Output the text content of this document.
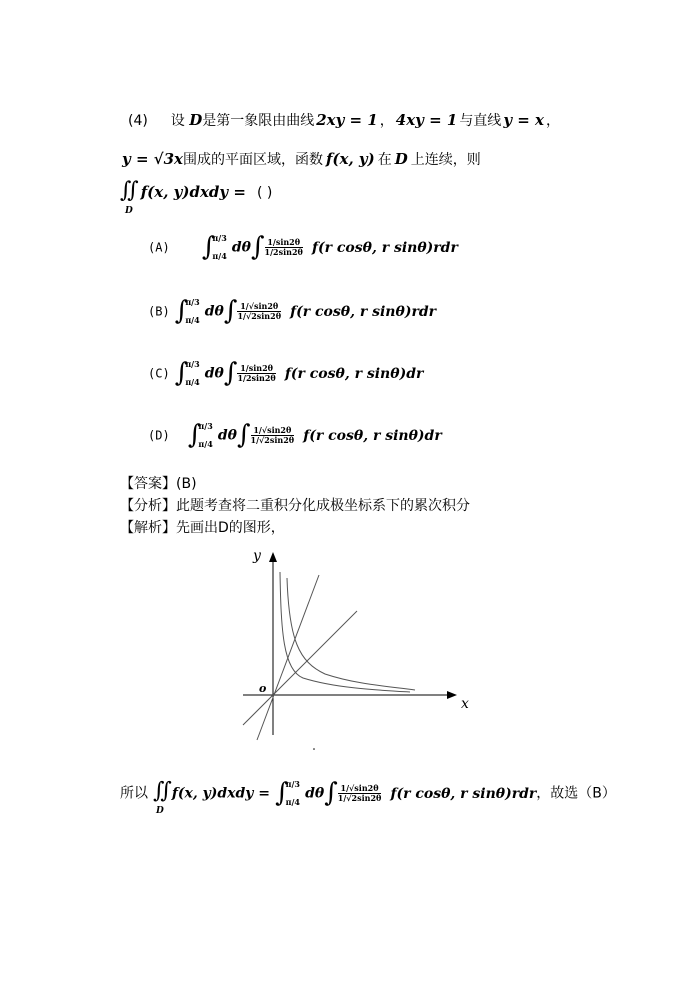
(4) 设 D是第一象限由曲线 2xy = 1 ， 4xy = 1 与直线 y = x ，
y = √3x围成的平面区域，函数 f(x, y) 在 D 上连续，则
∬ f(x, y)dxdy = ( )
D
(A) ∫
π/3
π/4
$d\theta\int \frac{1/\sin 2\theta}{1/2\sin 2\theta} f(r$ cosθ, r sinθ)rdr
(B) ∫
π/3
π/4
$d\theta\int \frac{1/√\sin 2\theta}{1/√2\sin 2\theta} f(r$ cosθ, r sinθ)rdr
(C) ∫
π/3
π/4
$d\theta\int \frac{1/\sin 2\theta}{1/2\sin 2\theta} f(r$ cosθ, r sinθ)dr
(D) ∫
π/3
π/4
$d\theta\int \frac{1/√\sin 2\theta}{1/√2\sin 2\theta} f(r$ cosθ, r sinθ)dr
【答案】(B)
【分析】此题考查将二重积分化成极坐标系下的累次积分
【解析】先画出D的图形，
y
x
o
所以 ∬f(x, y)dxdy = ∫
π/3
π/4
$d\theta\int \frac{1/√\sin 2\theta}{1/√2\sin 2\theta} f(r$ cosθ, r sinθ)rdr，故选（B）
D
